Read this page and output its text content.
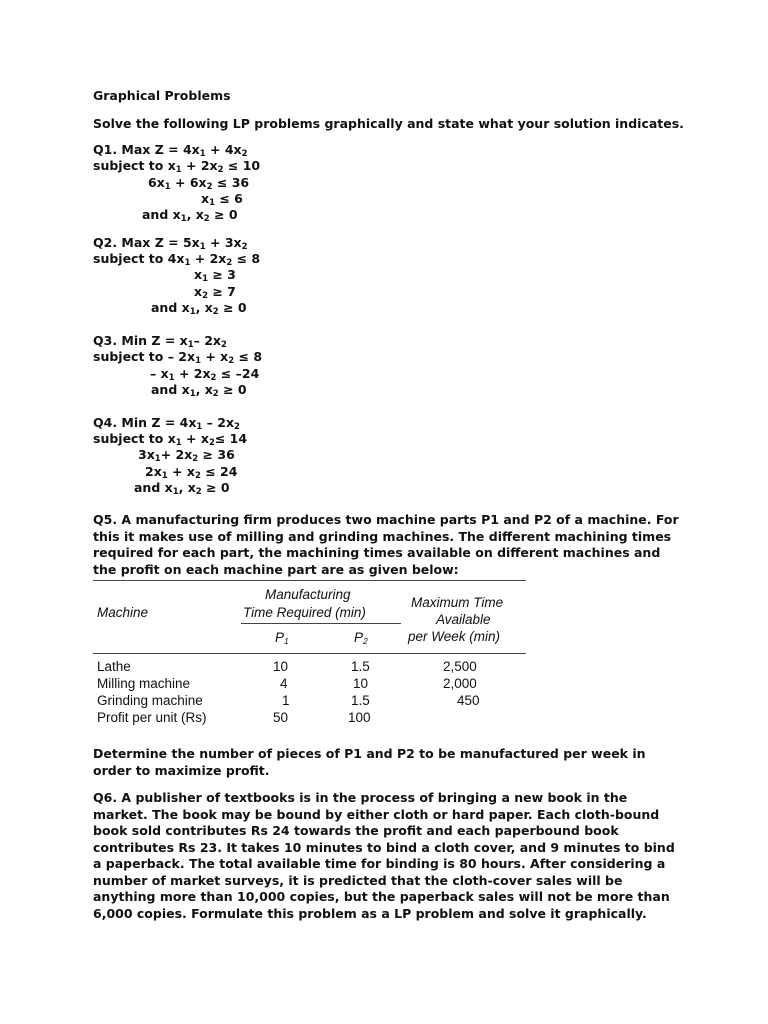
Graphical Problems
Solve the following LP problems graphically and state what your solution indicates.
Q1. Max $Z = 4x_1 + 4x_2$
subject to $x_1 + 2x_2 \le 10$
$6x_1 + 6x_2 \le 36$
$x_1 \le 6$
and $x_1$, $x_2 \ge 0$
Q2. Max $Z = 5x_1 + 3x_2$
subject to $4x_1 + 2x_2 \le 8$
$x_1 \ge 3$
$x_2 \ge 7$
and $x_1$, $x_2 \ge 0$
Q3. Min $Z = x_1-$ $2x_2$
subject to – $2x_1 + x_2 \le 8$
– $x_1 + 2x_2 \le -24$
and $x_1$, $x_2 \ge 0$
Q4. Min $Z = 4x_1 - 2x_2$
subject to $x_1 + x_2\le 14$
$3x_1+ 2x_2 \ge 36$
$2x_1 + x_2 \le 24$
and $x_1$, $x_2 \ge 0$
Q5. A manufacturing firm produces two machine parts P1 and P2 of a machine. For this it makes use of milling and grinding machines. The different machining times required for each part, the machining times available on different machines and the profit on each machine part are as given below:
Machine
Manufacturing
Time Required (min)
$P_1$	$P_2$
Maximum Time
Available
per Week (min)
Lathe	10	1.5	2,500
Milling machine	4	10	2,000
Grinding machine	1	1.5	450
Profit per unit (Rs)	50	100
Determine the number of pieces of P1 and P2 to be manufactured per week in order to maximize profit.
Q6. A publisher of textbooks is in the process of bringing a new book in the market. The book may be bound by either cloth or hard paper. Each cloth-bound book sold contributes Rs 24 towards the profit and each paperbound book contributes Rs 23. It takes 10 minutes to bind a cloth cover, and 9 minutes to bind a paperback. The total available time for binding is 80 hours. After considering a number of market surveys, it is predicted that the cloth-cover sales will be anything more than 10,000 copies, but the paperback sales will not be more than 6,000 copies. Formulate this problem as a LP problem and solve it graphically.
